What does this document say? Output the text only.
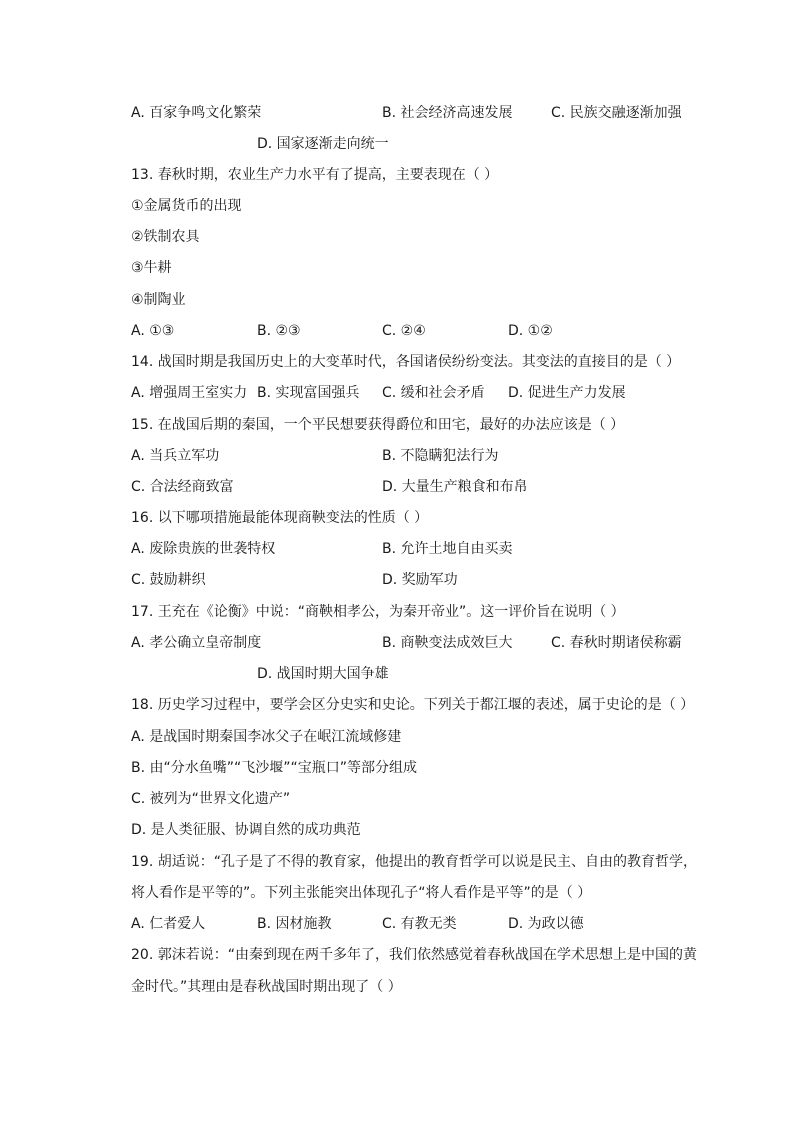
A. 百家争鸣文化繁荣	B. 社会经济高速发展	C. 民族交融逐渐加强
D. 国家逐渐走向统一
13. 春秋时期，农业生产力水平有了提高，主要表现在（ ）
①金属货币的出现
②铁制农具
③牛耕
④制陶业
A. ①③	B. ②③	C. ②④	D. ①②
14. 战国时期是我国历史上的大变革时代，各国诸侯纷纷变法。其变法的直接目的是（ ）
A. 增强周王室实力 B. 实现富国强兵 C. 缓和社会矛盾 D. 促进生产力发展
15. 在战国后期的秦国，一个平民想要获得爵位和田宅，最好的办法应该是（ ）
A. 当兵立军功	B. 不隐瞒犯法行为
C. 合法经商致富	D. 大量生产粮食和布帛
16. 以下哪项措施最能体现商鞅变法的性质（ ）
A. 废除贵族的世袭特权	B. 允许土地自由买卖
C. 鼓励耕织	D. 奖励军功
17. 王充在《论衡》中说：“商鞅相孝公，为秦开帝业”。这一评价旨在说明（ ）
A. 孝公确立皇帝制度	B. 商鞅变法成效巨大	C. 春秋时期诸侯称霸
D. 战国时期大国争雄
18. 历史学习过程中，要学会区分史实和史论。下列关于都江堰的表述，属于史论的是（ ）
A. 是战国时期秦国李冰父子在岷江流域修建
B. 由“分水鱼嘴”“飞沙堰”“宝瓶口”等部分组成
C. 被列为“世界文化遗产”
D. 是人类征服、协调自然的成功典范
19. 胡适说：“孔子是了不得的教育家，他提出的教育哲学可以说是民主、自由的教育哲学，
将人看作是平等的”。下列主张能突出体现孔子“将人看作是平等”的是（ ）
A. 仁者爱人	B. 因材施教	C. 有教无类	D. 为政以德
20. 郭沫若说：“由秦到现在两千多年了，我们依然感觉着春秋战国在学术思想上是中国的黄
金时代。”其理由是春秋战国时期出现了（ ）
